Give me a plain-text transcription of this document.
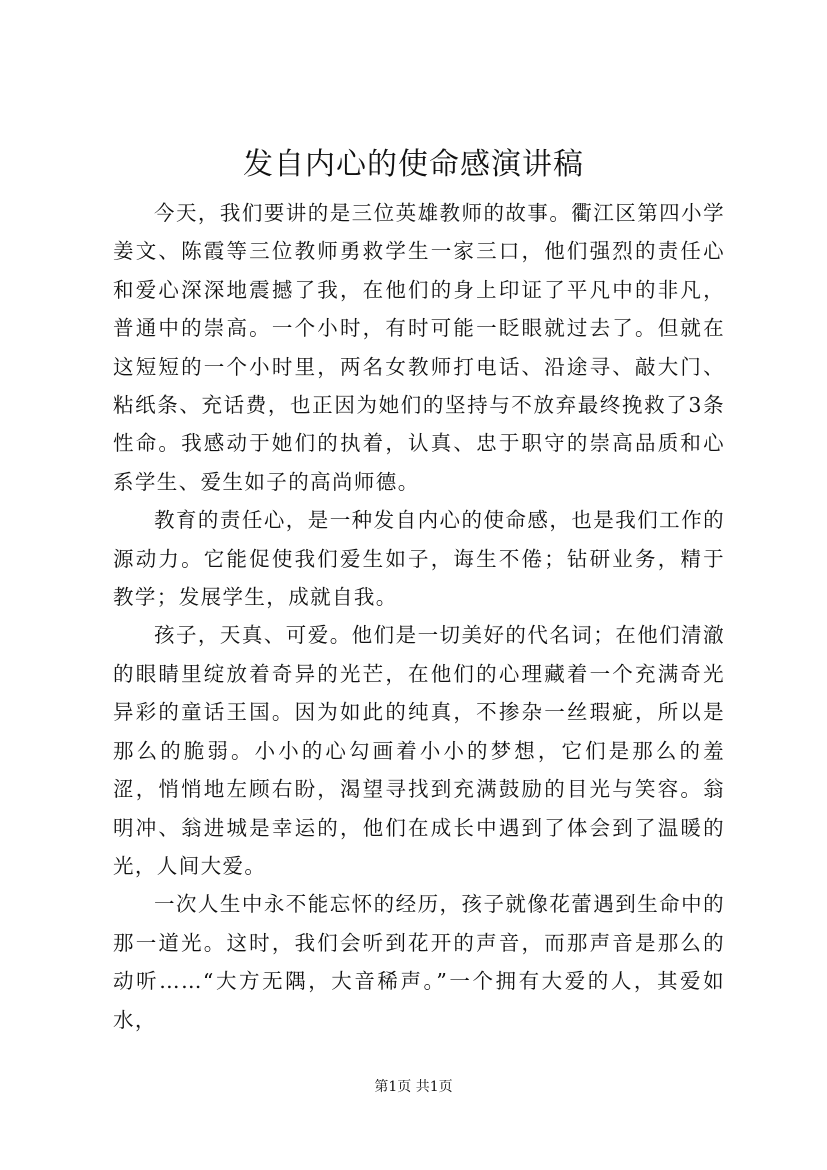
发自内心的使命感演讲稿

今天，我们要讲的是三位英雄教师的故事。衢江区第四小学姜文、陈霞等三位教师勇救学生一家三口，他们强烈的责任心和爱心深深地震撼了我，在他们的身上印证了平凡中的非凡，普通中的崇高。一个小时，有时可能一眨眼就过去了。但就在这短短的一个小时里，两名女教师打电话、沿途寻、敲大门、粘纸条、充话费，也正因为她们的坚持与不放弃最终挽救了3条性命。我感动于她们的执着，认真、忠于职守的崇高品质和心系学生、爱生如子的高尚师德。

教育的责任心，是一种发自内心的使命感，也是我们工作的源动力。它能促使我们爱生如子，诲生不倦；钻研业务，精于教学；发展学生，成就自我。

孩子，天真、可爱。他们是一切美好的代名词；在他们清澈的眼睛里绽放着奇异的光芒，在他们的心理藏着一个充满奇光异彩的童话王国。因为如此的纯真，不掺杂一丝瑕疵，所以是那么的脆弱。小小的心勾画着小小的梦想，它们是那么的羞涩，悄悄地左顾右盼，渴望寻找到充满鼓励的目光与笑容。翁明冲、翁进城是幸运的，他们在成长中遇到了体会到了温暖的光，人间大爱。

一次人生中永不能忘怀的经历，孩子就像花蕾遇到生命中的那一道光。这时，我们会听到花开的声音，而那声音是那么的动听……“大方无隅，大音稀声。”一个拥有大爱的人，其爱如水，

第1页 共1页
